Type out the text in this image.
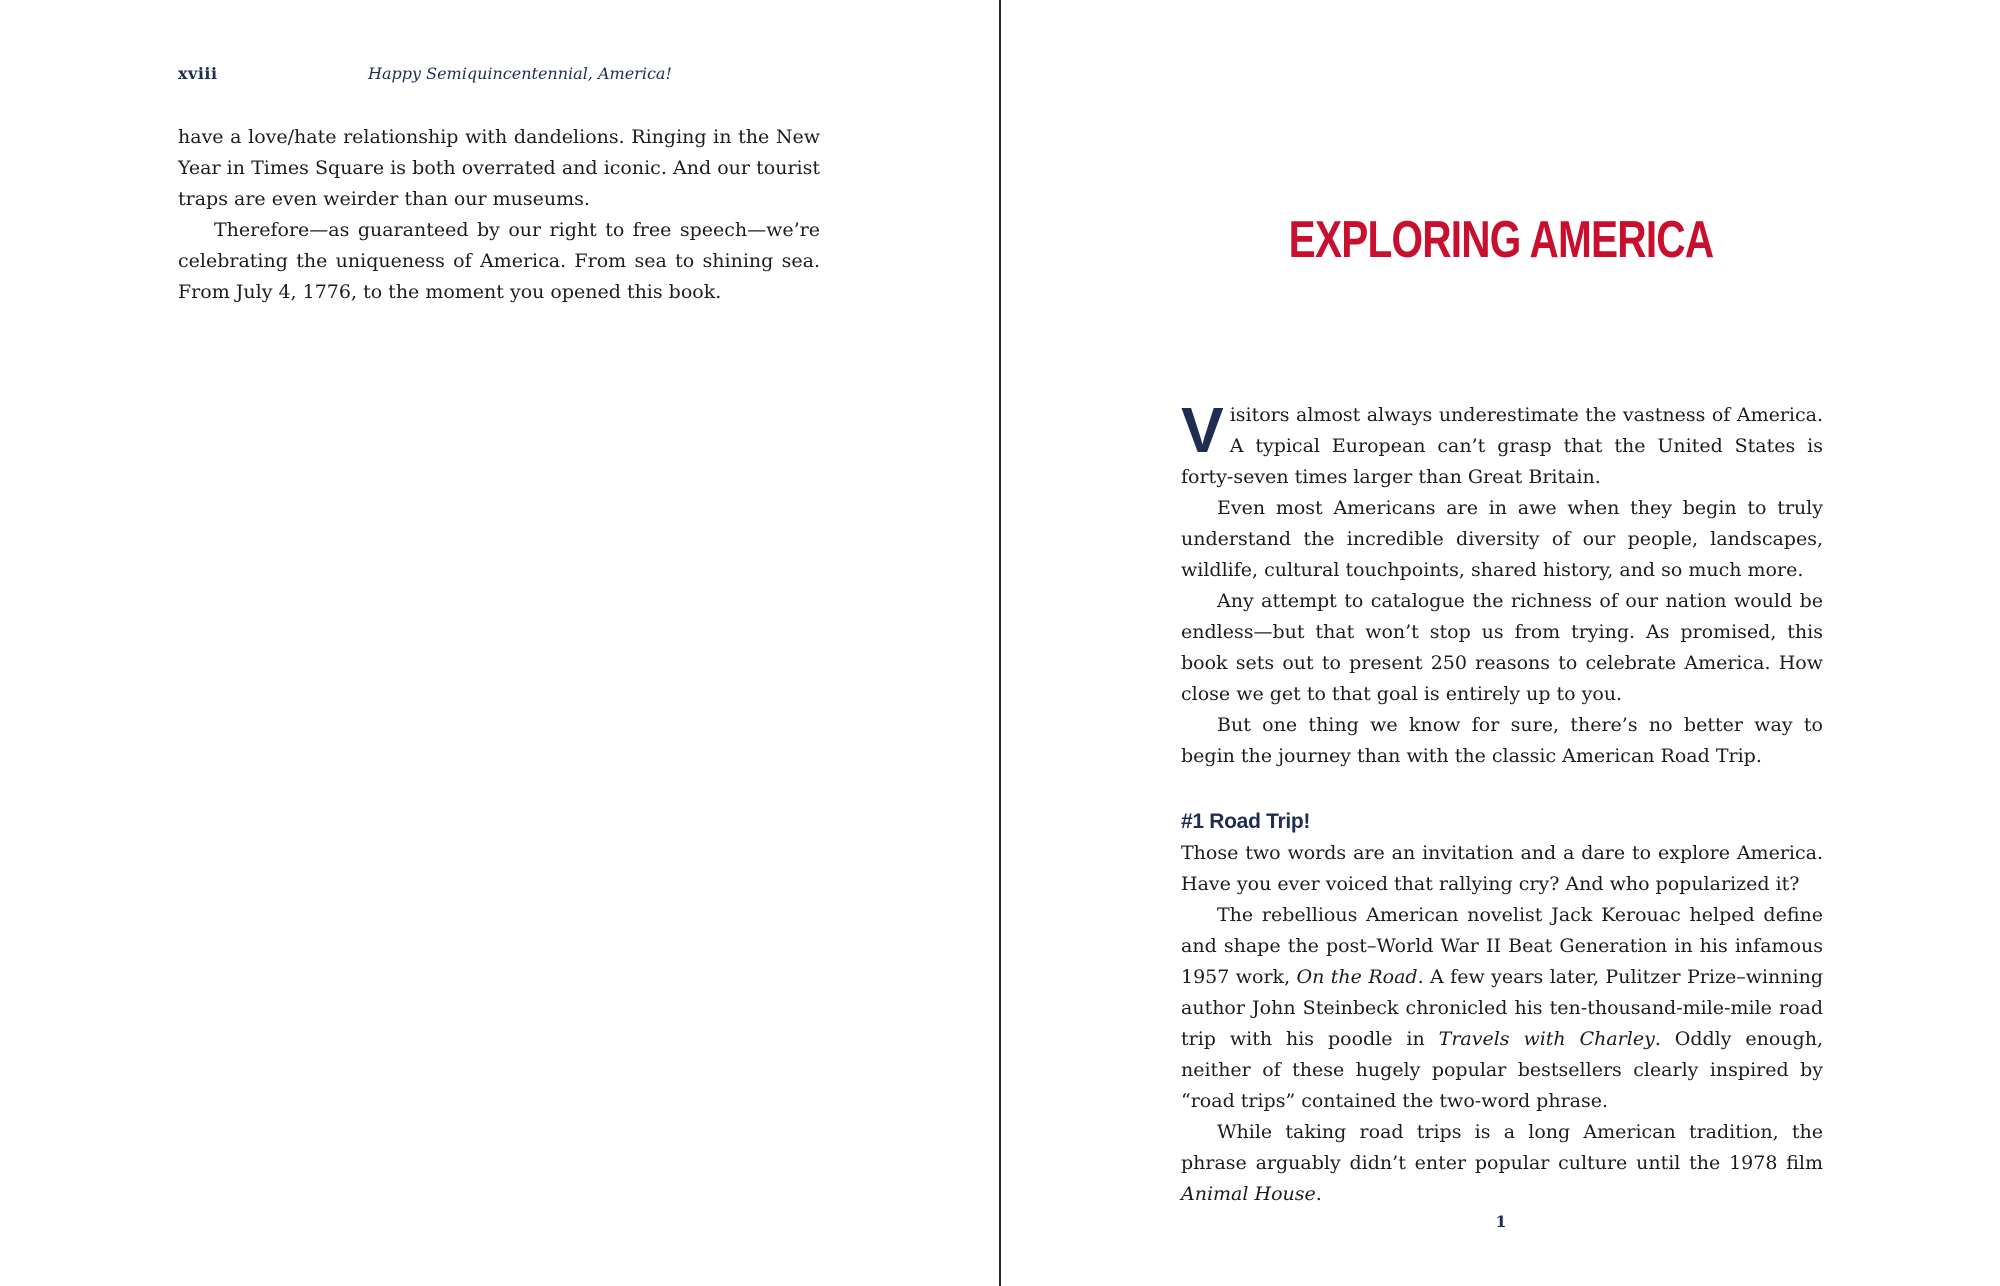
xviii	Happy Semiquincentennial, America!

have a love/hate relationship with dandelions. Ringing in the New Year in Times Square is both overrated and iconic. And our tourist traps are even weirder than our museums.

Therefore—as guaranteed by our right to free speech—we’re celebrating the uniqueness of America. From sea to shining sea. From July 4, 1776, to the moment you opened this book.

EXPLORING AMERICA

Visitors almost always underestimate the vastness of America. A typical European can’t grasp that the United States is forty-seven times larger than Great Britain.

Even most Americans are in awe when they begin to truly understand the incredible diversity of our people, landscapes, wildlife, cultural touchpoints, shared history, and so much more.

Any attempt to catalogue the richness of our nation would be endless—but that won’t stop us from trying. As promised, this book sets out to present 250 reasons to celebrate America. How close we get to that goal is entirely up to you.

But one thing we know for sure, there’s no better way to begin the journey than with the classic American Road Trip.

#1 Road Trip!

Those two words are an invitation and a dare to explore America. Have you ever voiced that rallying cry? And who popularized it?

The rebellious American novelist Jack Kerouac helped define and shape the post–World War II Beat Generation in his infamous 1957 work, On the Road. A few years later, Pulitzer Prize–winning author John Steinbeck chronicled his ten-thousand-mile-mile road trip with his poodle in Travels with Charley. Oddly enough, neither of these hugely popular bestsellers clearly inspired by “road trips” contained the two-word phrase.

While taking road trips is a long American tradition, the phrase arguably didn’t enter popular culture until the 1978 film Animal House.

1
